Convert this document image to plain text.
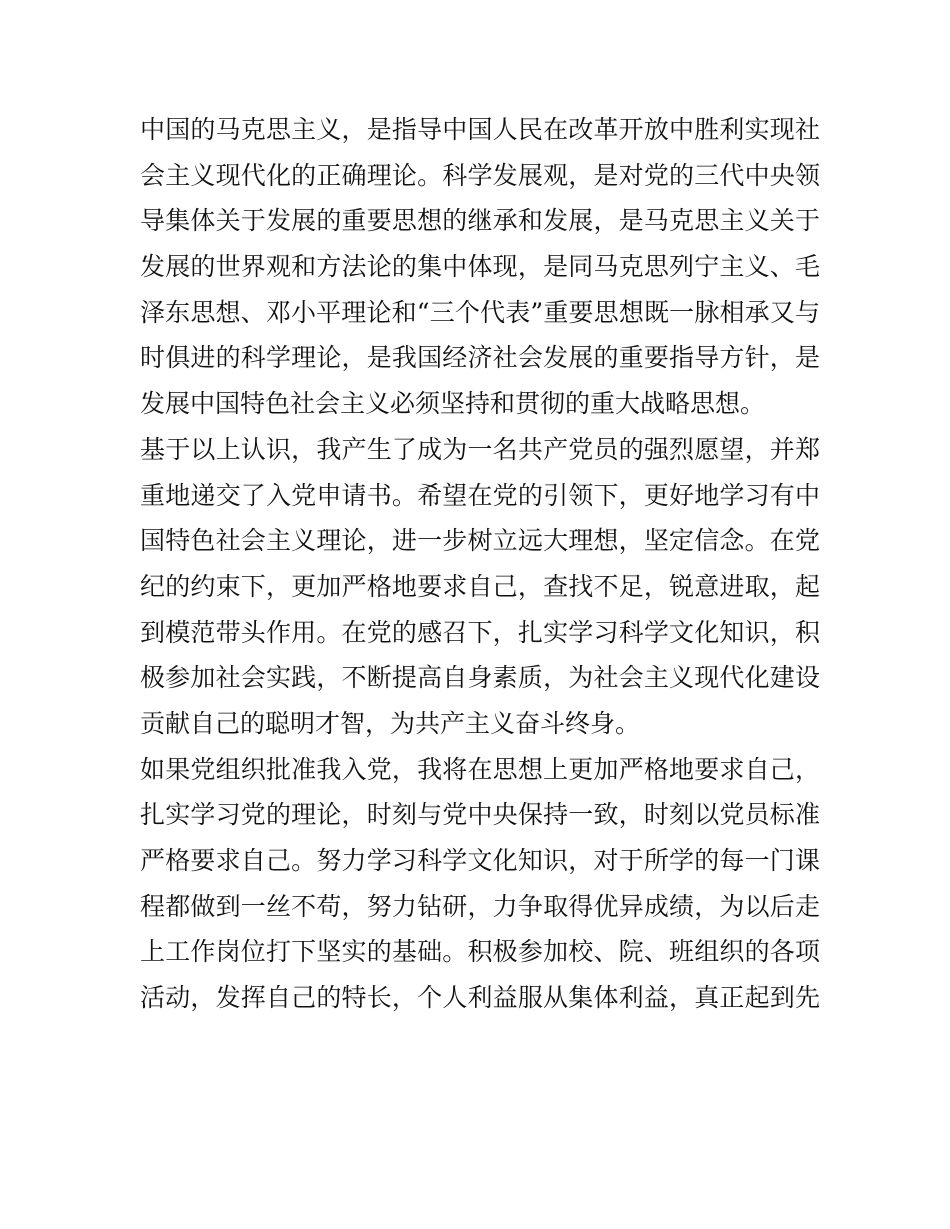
中国的马克思主义，是指导中国人民在改革开放中胜利实现社
会主义现代化的正确理论。科学发展观，是对党的三代中央领
导集体关于发展的重要思想的继承和发展，是马克思主义关于
发展的世界观和方法论的集中体现，是同马克思列宁主义、毛
泽东思想、邓小平理论和“三个代表”重要思想既一脉相承又与
时俱进的科学理论，是我国经济社会发展的重要指导方针，是
发展中国特色社会主义必须坚持和贯彻的重大战略思想。
基于以上认识，我产生了成为一名共产党员的强烈愿望，并郑
重地递交了入党申请书。希望在党的引领下，更好地学习有中
国特色社会主义理论，进一步树立远大理想，坚定信念。在党
纪的约束下，更加严格地要求自己，查找不足，锐意进取，起
到模范带头作用。在党的感召下，扎实学习科学文化知识，积
极参加社会实践，不断提高自身素质，为社会主义现代化建设
贡献自己的聪明才智，为共产主义奋斗终身。
如果党组织批准我入党，我将在思想上更加严格地要求自己，
扎实学习党的理论，时刻与党中央保持一致，时刻以党员标准
严格要求自己。努力学习科学文化知识，对于所学的每一门课
程都做到一丝不苟，努力钻研，力争取得优异成绩，为以后走
上工作岗位打下坚实的基础。积极参加校、院、班组织的各项
活动，发挥自己的特长，个人利益服从集体利益，真正起到先
